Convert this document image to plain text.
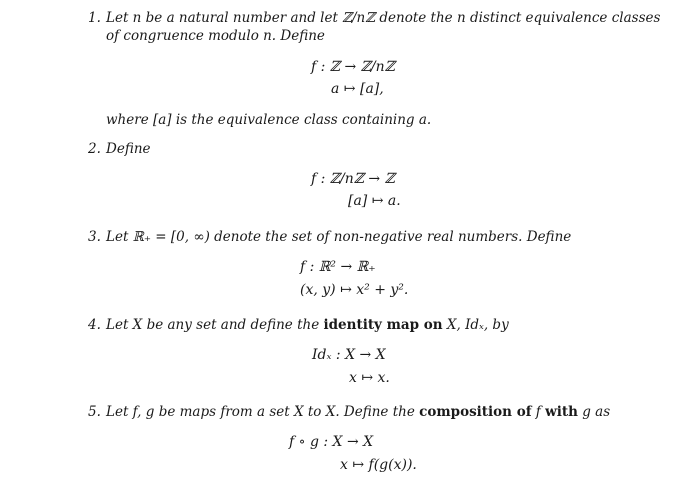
1. Let n be a natural number and let ℤ/nℤ denote the n distinct equivalence classes
of congruence modulo n. Define
f : ℤ → ℤ/nℤ
a ↦ [a],
where [a] is the equivalence class containing a.
2. Define
f : ℤ/nℤ → ℤ
[a] ↦ a.
3. Let ℝ₊ = [0, ∞) denote the set of non-negative real numbers. Define
f : ℝ² → ℝ₊
(x, y) ↦ x² + y².
4. Let X be any set and define the identity map on X, Idₓ, by
Idₓ : X → X
x ↦ x.
5. Let f, g be maps from a set X to X. Define the composition of f with g as
f ∘ g : X → X
x ↦ f(g(x)).
